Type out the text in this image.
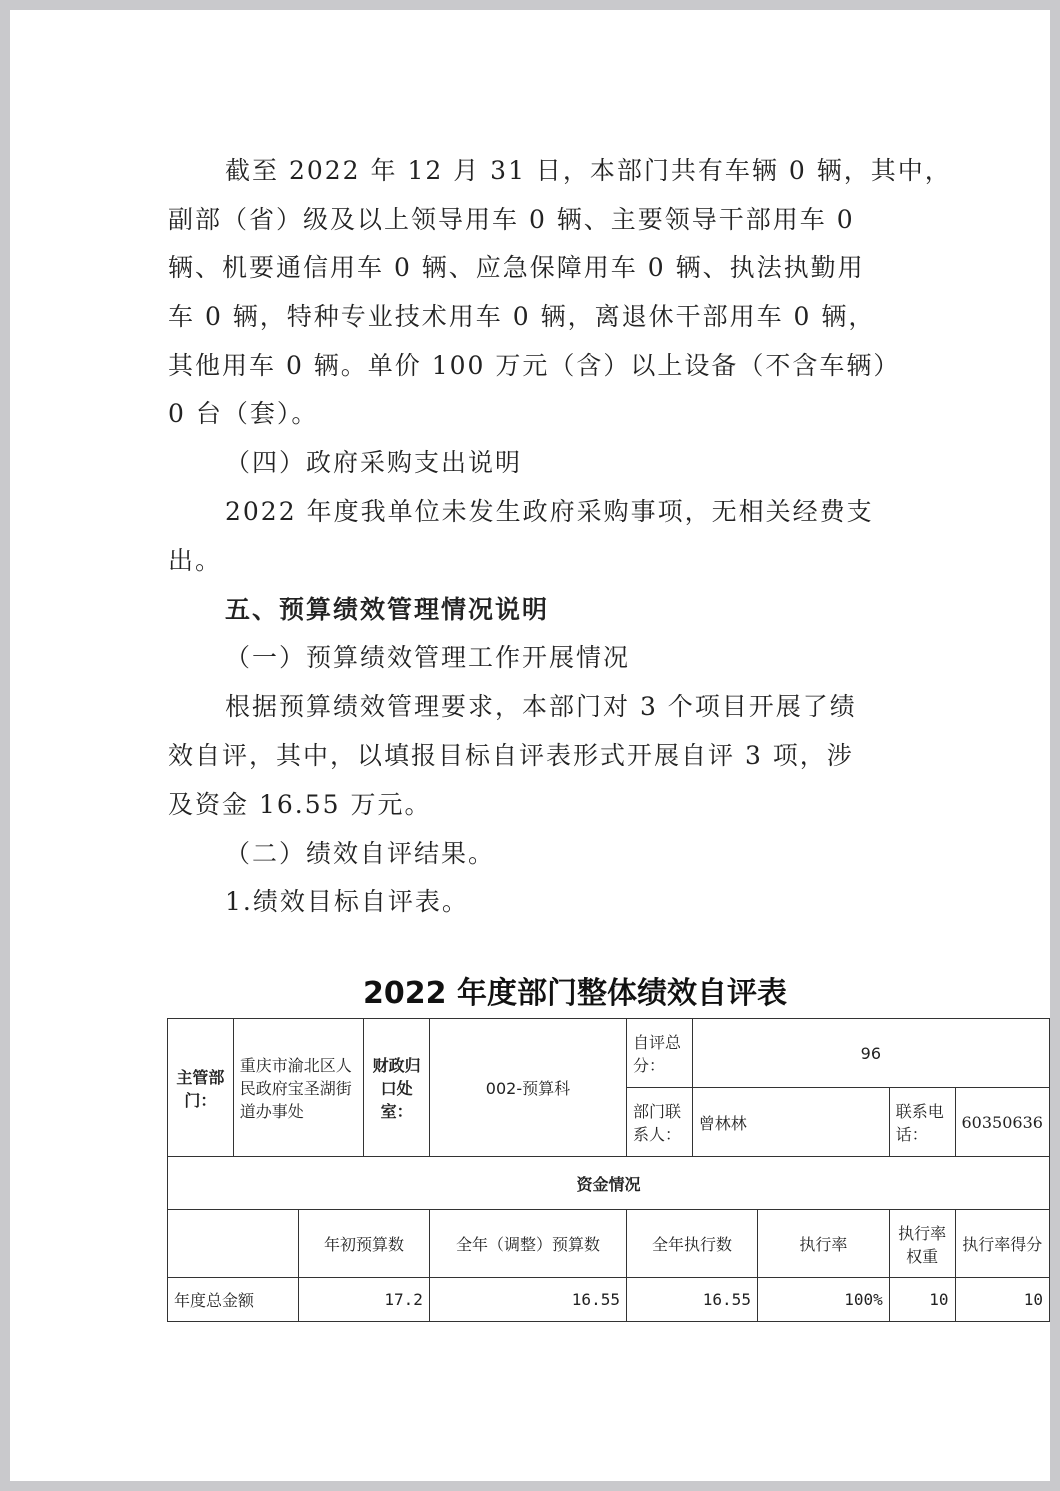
截至 2022 年 12 月 31 日，本部门共有车辆 0 辆，其中，

副部（省）级及以上领导用车 0 辆、主要领导干部用车 0

辆、机要通信用车 0 辆、应急保障用车 0 辆、执法执勤用

车 0 辆，特种专业技术用车 0 辆，离退休干部用车 0 辆，

其他用车 0 辆。单价 100 万元（含）以上设备（不含车辆）

0 台（套）。

（四）政府采购支出说明

2022 年度我单位未发生政府采购事项，无相关经费支

出。

五、预算绩效管理情况说明

（一）预算绩效管理工作开展情况

根据预算绩效管理要求，本部门对 3 个项目开展了绩

效自评，其中，以填报目标自评表形式开展自评 3 项，涉

及资金 16.55 万元。

（二）绩效自评结果。

1.绩效目标自评表。

2022 年度部门整体绩效自评表
主管部门：	重庆市渝北区人民政府宝圣湖街道办事处		财政归口处室：	002-预算科	自评总分：	96			
					部门联系人：	曾林林		联系电话：	60350636
资金情况									
		年初预算数		全年（调整）预算数	全年执行数		执行率	执行率权重	执行率得分
年度总金额		17.2		16.55	16.55		100%	10	10
